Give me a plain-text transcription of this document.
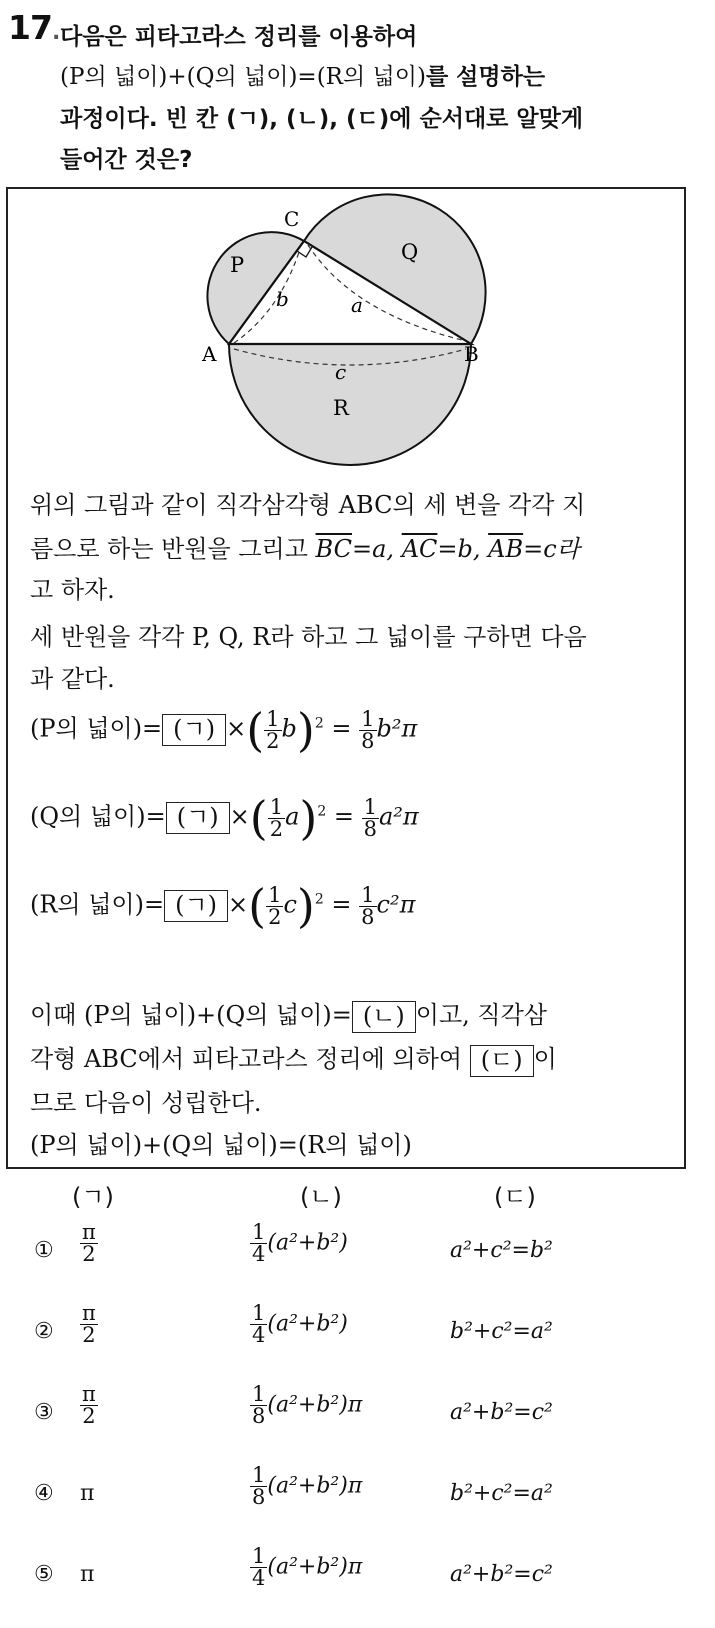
17. 다음은 피타고라스 정리를 이용하여
(P의 넓이)+(Q의 넓이)=(R의 넓이)를 설명하는
과정이다. 빈 칸 (ㄱ), (ㄴ), (ㄷ)에 순서대로 알맞게
들어간 것은?
P
Q
R
A	B
C
a
b
c
위의 그림과 같이 직각삼각형 ABC의 세 변을 각각 지
름으로 하는 반원을 그리고 $\overline{BC}=a$, $\overline{AC}=b$, $\overline{AB}=c$라
고 하자.
세 반원을 각각 P, Q, R라 하고 그 넓이를 구하면 다음
과 같다.
(P의 넓이)= (ㄱ) ×( $\frac{1}{2} b)^2 = \frac{1}{8} b^2\pi$
(Q의 넓이)= (ㄱ) ×( $\frac{1}{2} a)^2 = \frac{1}{8} a^2\pi$
(R의 넓이)= (ㄱ) ×( $\frac{1}{2} c)^2 = \frac{1}{8} c^2\pi$
이때 (P의 넓이)+(Q의 넓이)= (ㄴ) 이고, 직각삼
각형 ABC에서 피타고라스 정리에 의하여 (ㄷ) 이
므로 다음이 성립한다.
(P의 넓이)+(Q의 넓이)=(R의 넓이)
(ㄱ)	(ㄴ)	(ㄷ)
① $\frac{\pi}{2}$	$\frac{1}{4} (a^2+b^2)$	a²+c²=b²
② $\frac{\pi}{2}$	$\frac{1}{4} (a^2+b^2)$	b²+c²=a²
③ $\frac{\pi}{2}$	$\frac{1}{8} (a^2+b^2)\pi$	a²+b²=c²
④ π	$\frac{1}{8} (a^2+b^2)\pi$	b²+c²=a²
⑤ π	$\frac{1}{4} (a^2+b^2)\pi$	a²+b²=c²
